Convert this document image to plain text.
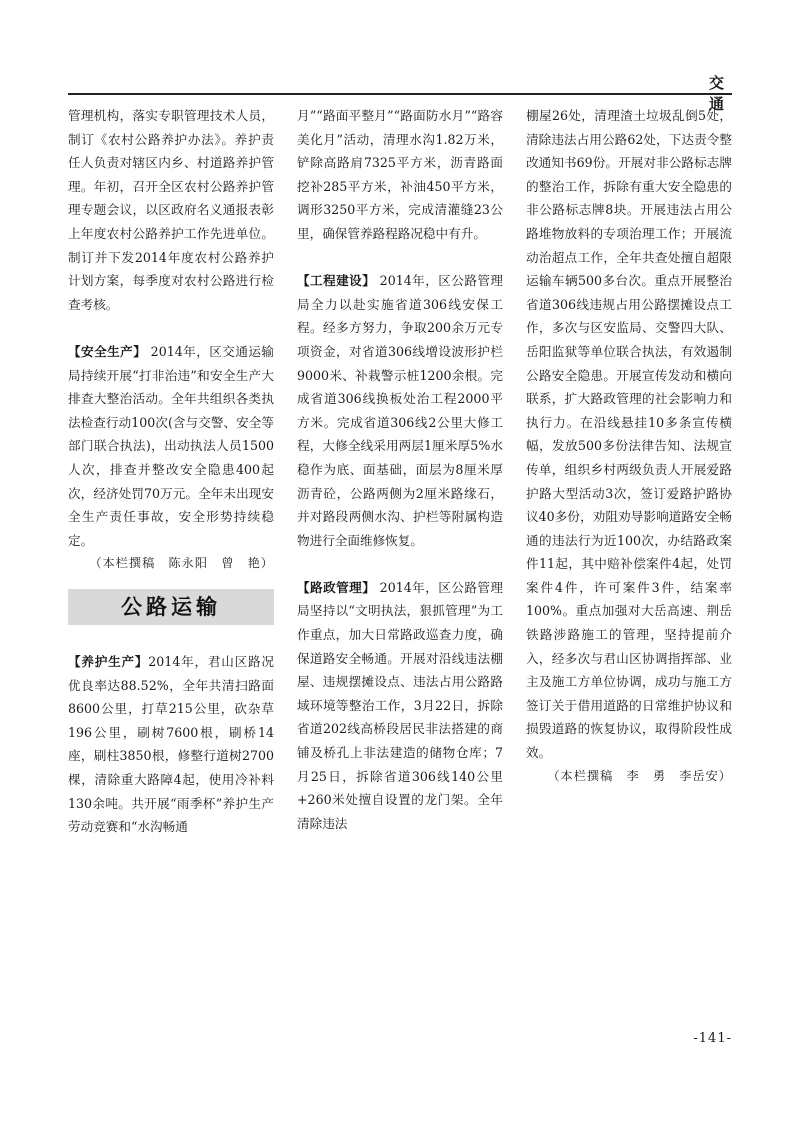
交　通

管理机构，落实专职管理技术人员，制订《农村公路养护办法》。养护责任人负责对辖区内乡、村道路养护管理。年初，召开全区农村公路养护管理专题会议，以区政府名义通报表彰上年度农村公路养护工作先进单位。制订并下发2014年度农村公路养护计划方案，每季度对农村公路进行检查考核。

【安全生产】 2014年，区交通运输局持续开展“打非治违”和安全生产大排查大整治活动。全年共组织各类执法检查行动100次(含与交警、安全等部门联合执法)，出动执法人员1500人次，排查并整改安全隐患400起次，经济处罚70万元。全年未出现安全生产责任事故，安全形势持续稳定。

（本栏撰稿　陈永阳　曾　艳）

公路运输

【养护生产】2014年，君山区路况优良率达88.52%，全年共清扫路面8600公里，打草215公里，砍杂草196公里，刷树7600根，刷桥14座，刷柱3850根，修整行道树2700棵，清除重大路障4起，使用冷补料130余吨。共开展“雨季杯”养护生产劳动竞赛和“水沟畅通

月”“路面平整月”“路面防水月”“路容美化月”活动，清理水沟1.82万米，铲除高路肩7325平方米，沥青路面挖补285平方米，补油450平方米，调形3250平方米，完成清灌缝23公里，确保管养路程路况稳中有升。

【工程建设】 2014年，区公路管理局全力以赴实施省道306线安保工程。经多方努力，争取200余万元专项资金，对省道306线增设波形护栏9000米、补栽警示桩1200余根。完成省道306线换板处治工程2000平方米。完成省道306线2公里大修工程，大修全线采用两层1厘米厚5%水稳作为底、面基础，面层为8厘米厚沥青砼，公路两侧为2厘米路缘石，并对路段两侧水沟、护栏等附属构造物进行全面维修恢复。

【路政管理】 2014年，区公路管理局坚持以“文明执法，狠抓管理”为工作重点，加大日常路政巡查力度，确保道路安全畅通。开展对沿线违法棚屋、违规摆摊设点、违法占用公路路域环境等整治工作，3月22日，拆除省道202线高桥段居民非法搭建的商铺及桥孔上非法建造的储物仓库；7月25日，拆除省道306线140公里+260米处擅自设置的龙门架。全年清除违法

棚屋26处，清理渣土垃圾乱倒5处，清除违法占用公路62处，下达责令整改通知书69份。开展对非公路标志牌的整治工作，拆除有重大安全隐患的非公路标志牌8块。开展违法占用公路堆物放料的专项治理工作；开展流动治超点工作，全年共查处擅自超限运输车辆500多台次。重点开展整治省道306线违规占用公路摆摊设点工作，多次与区安监局、交警四大队、岳阳监狱等单位联合执法，有效遏制公路安全隐患。开展宣传发动和横向联系，扩大路政管理的社会影响力和执行力。在沿线悬挂10多条宣传横幅，发放500多份法律告知、法规宣传单，组织乡村两级负责人开展爱路护路大型活动3次，签订爱路护路协议40多份，劝阻劝导影响道路安全畅通的违法行为近100次，办结路政案件11起，其中赔补偿案件4起，处罚案件4件，许可案件3件，结案率100%。重点加强对大岳高速、荆岳铁路涉路施工的管理，坚持提前介入，经多次与君山区协调指挥部、业主及施工方单位协调，成功与施工方签订关于借用道路的日常维护协议和损毁道路的恢复协议，取得阶段性成效。

（本栏撰稿　李　勇　李岳安）

-141-
